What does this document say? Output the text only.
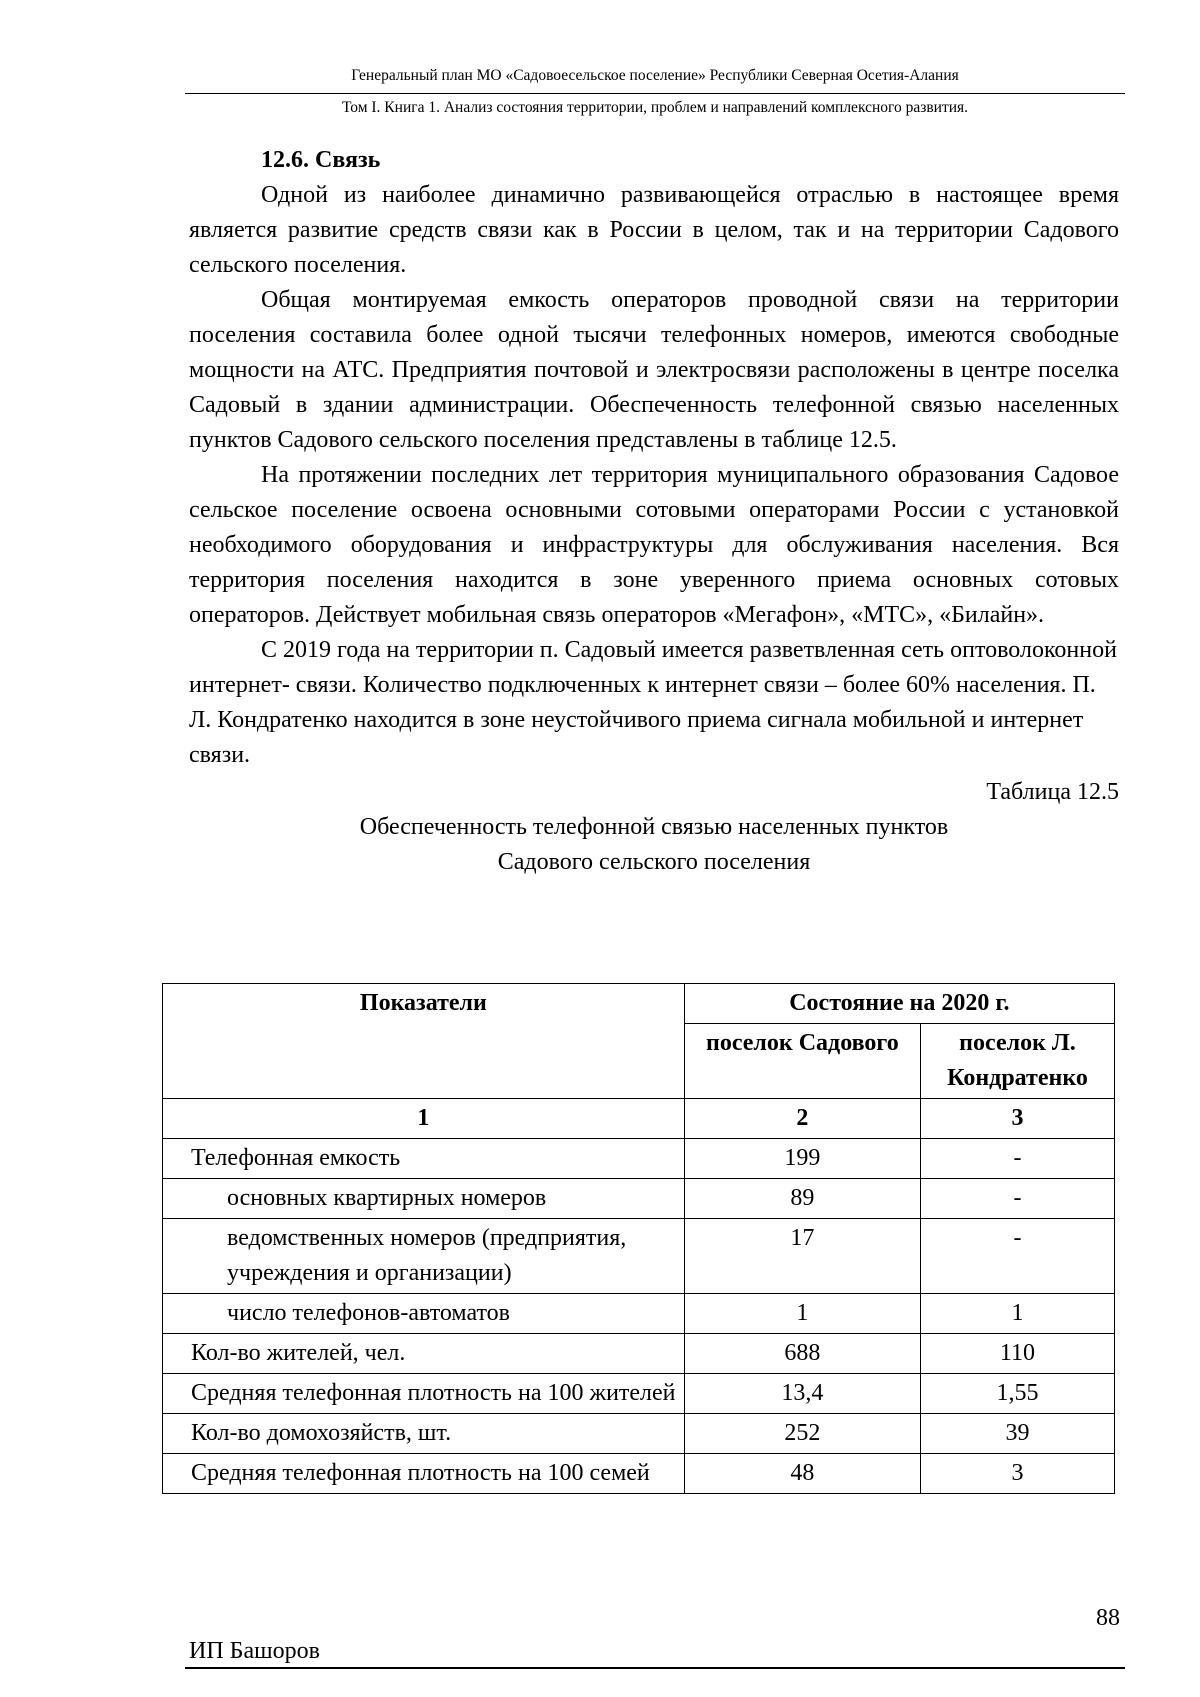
Генеральный план МО «Садовоесельское поселение» Республики Северная Осетия-Алания
Том I. Книга 1. Анализ состояния территории, проблем и направлений комплексного развития.
12.6. Связь

Одной из наиболее динамично развивающейся отраслью в настоящее время является развитие средств связи как в России в целом, так и на территории Садового сельского поселения.

Общая монтируемая емкость операторов проводной связи на территории поселения составила более одной тысячи телефонных номеров, имеются свободные мощности на АТС. Предприятия почтовой и электросвязи расположены в центре поселка Садовый в здании администрации. Обеспеченность телефонной связью населенных пунктов Садового сельского поселения представлены в таблице 12.5.

На протяжении последних лет территория муниципального образования Садовое сельское поселение освоена основными сотовыми операторами России с установкой необходимого оборудования и инфраструктуры для обслуживания населения. Вся территория поселения находится в зоне уверенного приема основных сотовых операторов. Действует мобильная связь операторов «Мегафон», «МТС», «Билайн».

С 2019 года на территории п. Садовый имеется разветвленная сеть оптоволоконной интернет- связи. Количество подключенных к интернет связи – более 60% населения. П. Л. Кондратенко находится в зоне неустойчивого приема сигнала мобильной и интернет связи.

Таблица 12.5
Обеспеченность телефонной связью населенных пунктов
Садового сельского поселения
Показатели	Состояние на 2020 г.	
	поселок Садового	поселок Л. Кондратенко
1	2	3
Телефонная емкость	199	-
основных квартирных номеров	89	-
ведомственных номеров (предприятия, учреждения и организации)	17	-
число телефонов-автоматов	1	1
Кол-во жителей, чел.	688	110
Средняя телефонная плотность на 100 жителей	13,4	1,55
Кол-во домохозяйств, шт.	252	39
Средняя телефонная плотность на 100 семей	48	3
88
ИП Башоров
